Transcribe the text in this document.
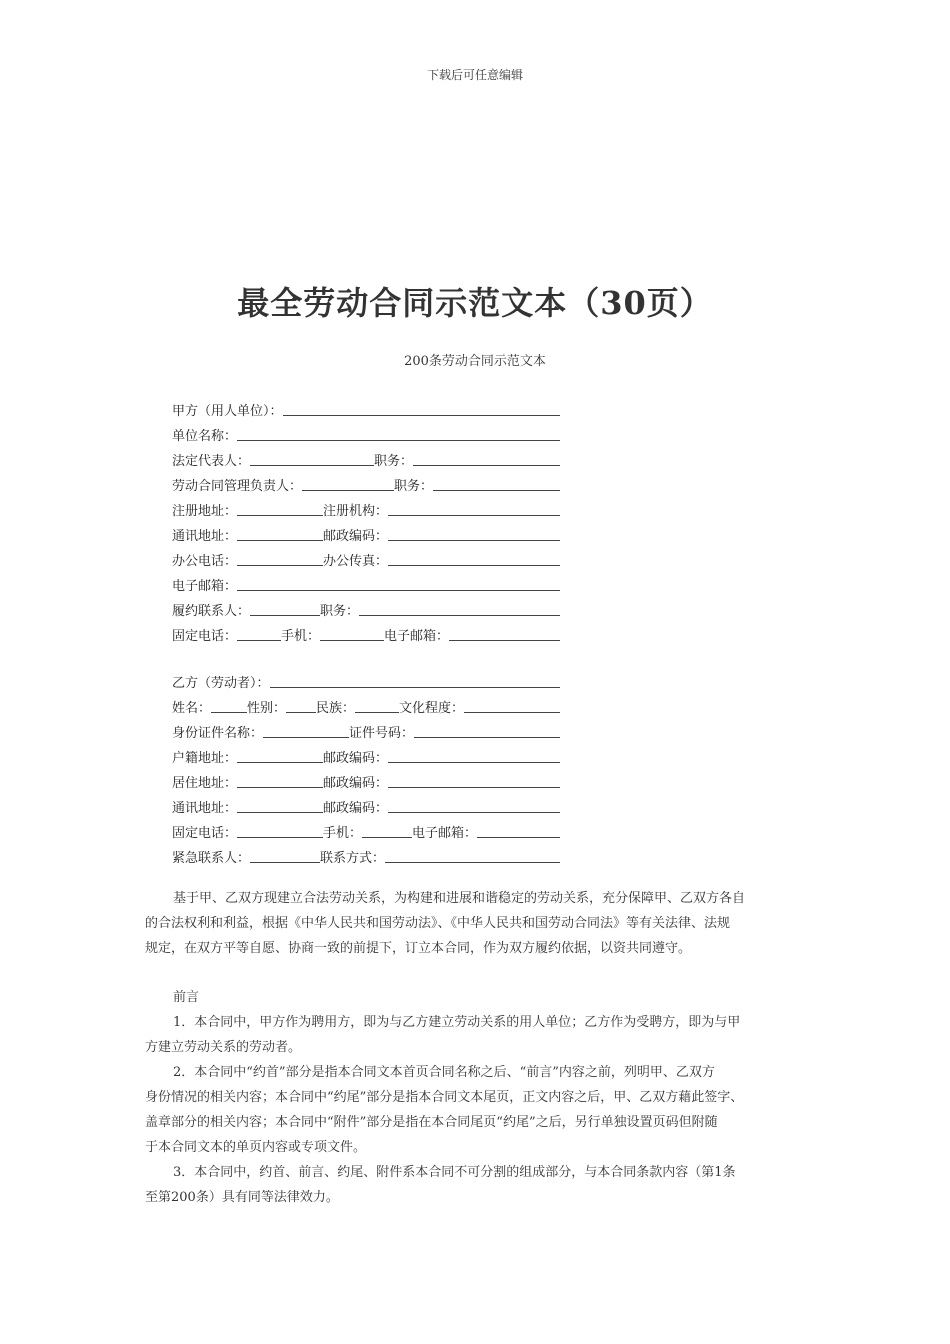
下载后可任意编辑
最全劳动合同示范文本（30页）
200条劳动合同示范文本
甲方（用人单位）：
单位名称：
法定代表人：	职务：
劳动合同管理负责人：	职务：
注册地址：	注册机构：
通讯地址：	邮政编码：
办公电话：	办公传真：
电子邮箱：
履约联系人：	职务：
固定电话：	手机：	电子邮箱：
乙方（劳动者）：
姓名：	性别： 民族：	文化程度：
身份证件名称：	证件号码：
户籍地址：	邮政编码：
居住地址：	邮政编码：
通讯地址：	邮政编码：
固定电话：	手机：	电子邮箱：
紧急联系人：	联系方式：
基于甲、乙双方现建立合法劳动关系，为构建和进展和谐稳定的劳动关系，充分保障甲、乙双方各自
的合法权利和利益，根据《中华人民共和国劳动法》、《中华人民共和国劳动合同法》等有关法律、法规
规定，在双方平等自愿、协商一致的前提下，订立本合同，作为双方履约依据，以资共同遵守。
前言
1．本合同中，甲方作为聘用方，即为与乙方建立劳动关系的用人单位；乙方作为受聘方，即为与甲
方建立劳动关系的劳动者。
2．本合同中“约首”部分是指本合同文本首页合同名称之后、“前言”内容之前，列明甲、乙双方
身份情况的相关内容；本合同中“约尾”部分是指本合同文本尾页，正文内容之后，甲、乙双方藉此签字、
盖章部分的相关内容；本合同中“附件”部分是指在本合同尾页“约尾”之后，另行单独设置页码但附随
于本合同文本的单页内容或专项文件。
3．本合同中，约首、前言、约尾、附件系本合同不可分割的组成部分，与本合同条款内容（第1条
至第200条）具有同等法律效力。
